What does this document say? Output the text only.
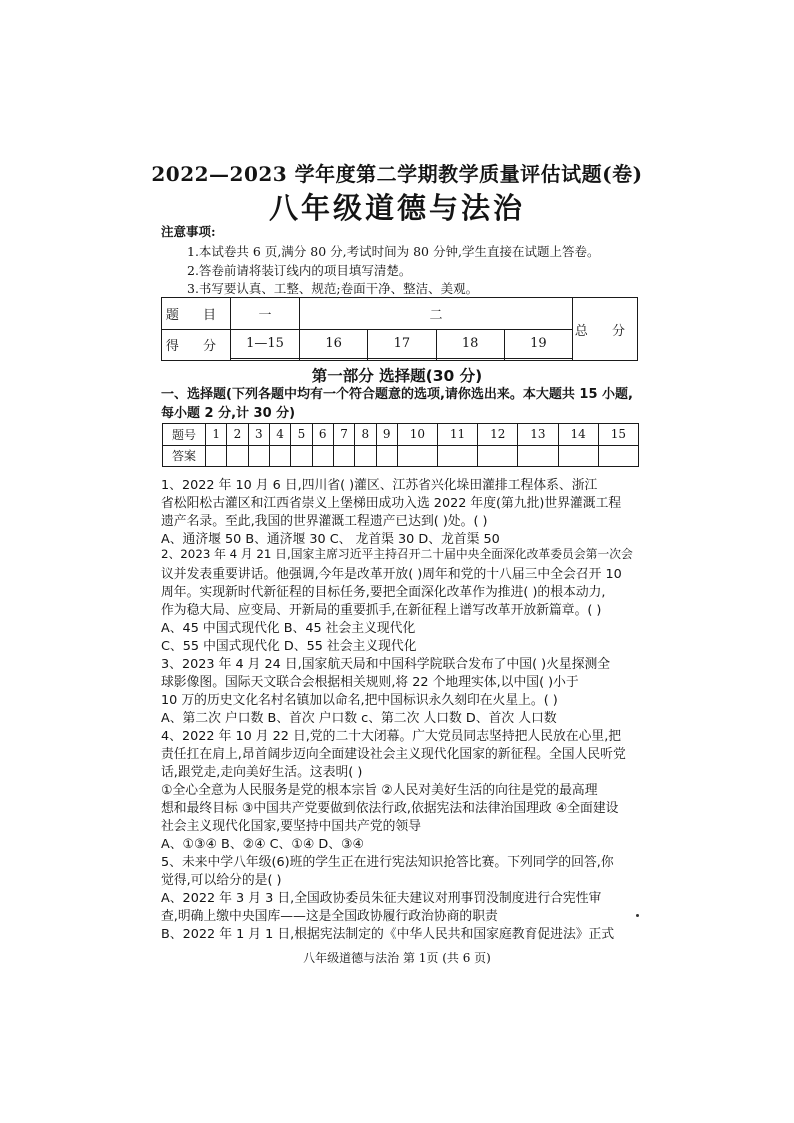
2022—2023 学年度第二学期教学质量评估试题(卷)
八年级道德与法治
注意事项:
1.本试卷共 6 页,满分 80 分,考试时间为 80 分钟,学生直接在试题上答卷。
2.答卷前请将装订线内的项目填写清楚。
3.书写要认真、工整、规范;卷面干净、整洁、美观。
题 目	一	二				总 分
得 分	1—15	16	17	18	19	

第一部分 选择题(30 分)
一、选择题(下列各题中均有一个符合题意的选项,请你选出来。本大题共 15 小题,
每小题 2 分,计 30 分)
题号	1	2	3	4	5	6	7	8	9	10	11	12	13	14	15
答案															
1、2022 年 10 月 6 日,四川省( )灌区、江苏省兴化垛田灌排工程体系、浙江
省松阳松古灌区和江西省崇义上堡梯田成功入选 2022 年度(第九批)世界灌溉工程
遗产名录。至此,我国的世界灌溉工程遗产已达到( )处。( )
A、通济堰 50 B、通济堰 30 C、 龙首渠 30 D、龙首渠 50
2、2023 年 4 月 21 日,国家主席习近平主持召开二十届中央全面深化改革委员会第一次会
议并发表重要讲话。他强调,今年是改革开放( )周年和党的十八届三中全会召开 10
周年。实现新时代新征程的目标任务,要把全面深化改革作为推进( )的根本动力,
作为稳大局、应变局、开新局的重要抓手,在新征程上谱写改革开放新篇章。( )
A、45 中国式现代化 B、45 社会主义现代化
C、55 中国式现代化 D、55 社会主义现代化
3、2023 年 4 月 24 日,国家航天局和中国科学院联合发布了中国( )火星探测全
球影像图。国际天文联合会根据相关规则,将 22 个地理实体,以中国( )小于
10 万的历史文化名村名镇加以命名,把中国标识永久刻印在火星上。( )
A、第二次 户口数 B、首次 户口数 c、第二次 人口数 D、首次 人口数
4、2022 年 10 月 22 日,党的二十大闭幕。广大党员同志坚持把人民放在心里,把
责任扛在肩上,昂首阔步迈向全面建设社会主义现代化国家的新征程。全国人民听党
话,跟党走,走向美好生活。这表明( )
①全心全意为人民服务是党的根本宗旨 ②人民对美好生活的向往是党的最高理
想和最终目标 ③中国共产党要做到依法行政,依据宪法和法律治国理政 ④全面建设
社会主义现代化国家,要坚持中国共产党的领导
A、①③④ B、②④ C、①④ D、③④
5、未来中学八年级(6)班的学生正在进行宪法知识抢答比赛。下列同学的回答,你
觉得,可以给分的是( )
A、2022 年 3 月 3 日,全国政协委员朱征夫建议对刑事罚没制度进行合宪性审
查,明确上缴中央国库——这是全国政协履行政治协商的职责
B、2022 年 1 月 1 日,根据宪法制定的《中华人民共和国家庭教育促进法》正式
八年级道德与法治 第 1页 (共 6 页)
